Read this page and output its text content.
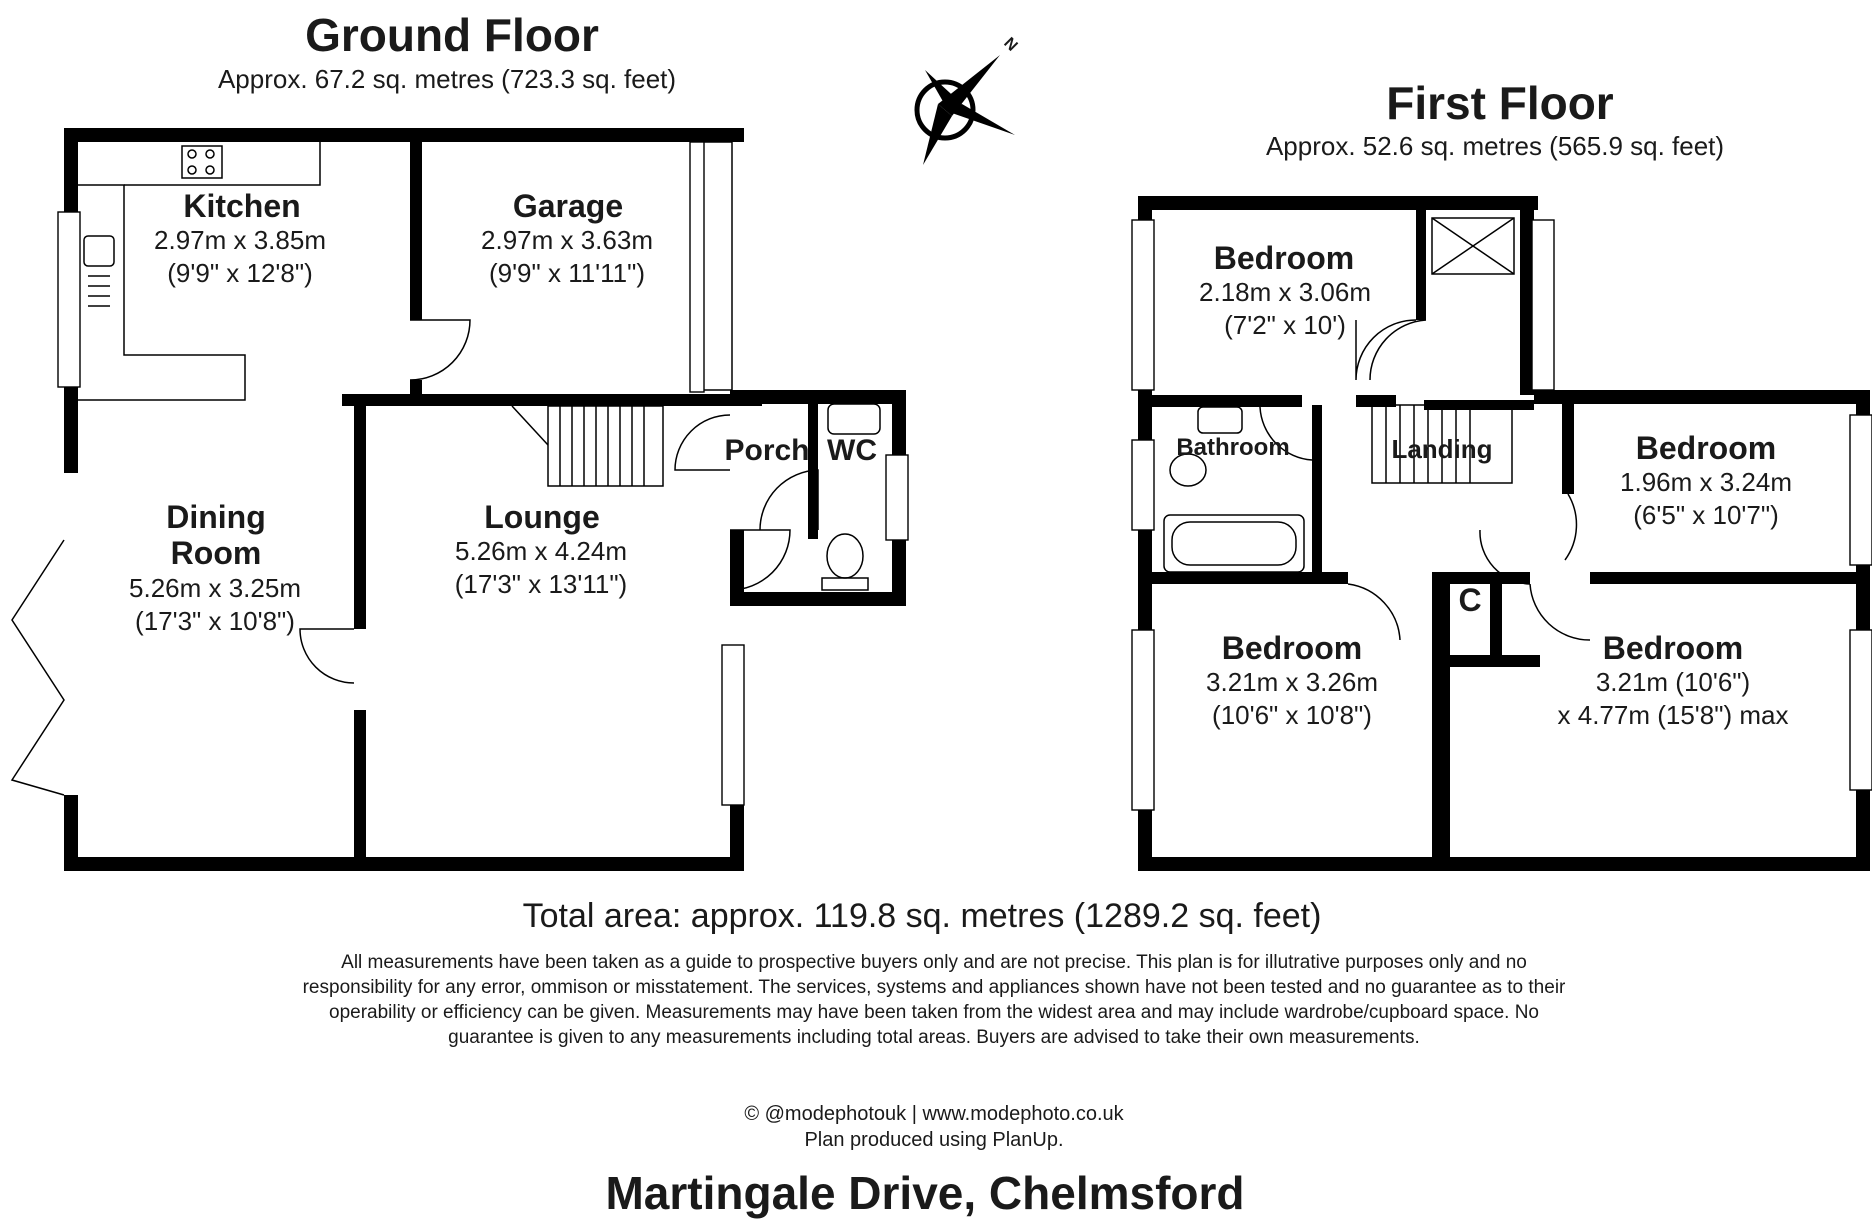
Ground Floor
Approx. 67.2 sq. metres (723.3 sq. feet)	First Floor
Approx. 52.6 sq. metres (565.9 sq. feet)
N
Kitchen
2.97m x 3.85m
(9'9" x 12'8")
Garage
2.97m x 3.63m
(9'9" x 11'11")
Dining
Room
5.26m x 3.25m
(17'3" x 10'8")
Lounge
5.26m x 4.24m
(17'3" x 13'11")
Porch WC
Bedroom
2.18m x 3.06m
(7'2" x 10')
Bathroom	Landing	Bedroom
1.96m x 3.24m
(6'5" x 10'7")
C
Bedroom
3.21m x 3.26m
(10'6" x 10'8")
Bedroom
3.21m (10'6")
x 4.77m (15'8") max
Total area: approx. 119.8 sq. metres (1289.2 sq. feet)
All measurements have been taken as a guide to prospective buyers only and are not precise. This plan is for illutrative purposes only and no responsibility for any error, ommison or misstatement. The services, systems and appliances shown have not been tested and no guarantee as to their operability or efficiency can be given. Measurements may have been taken from the widest area and may include wardrobe/cupboard space. No guarantee is given to any measurements including total areas. Buyers are advised to take their own measurements.
© @modephotouk | www.modephoto.co.uk
Plan produced using PlanUp.
Martingale Drive, Chelmsford
